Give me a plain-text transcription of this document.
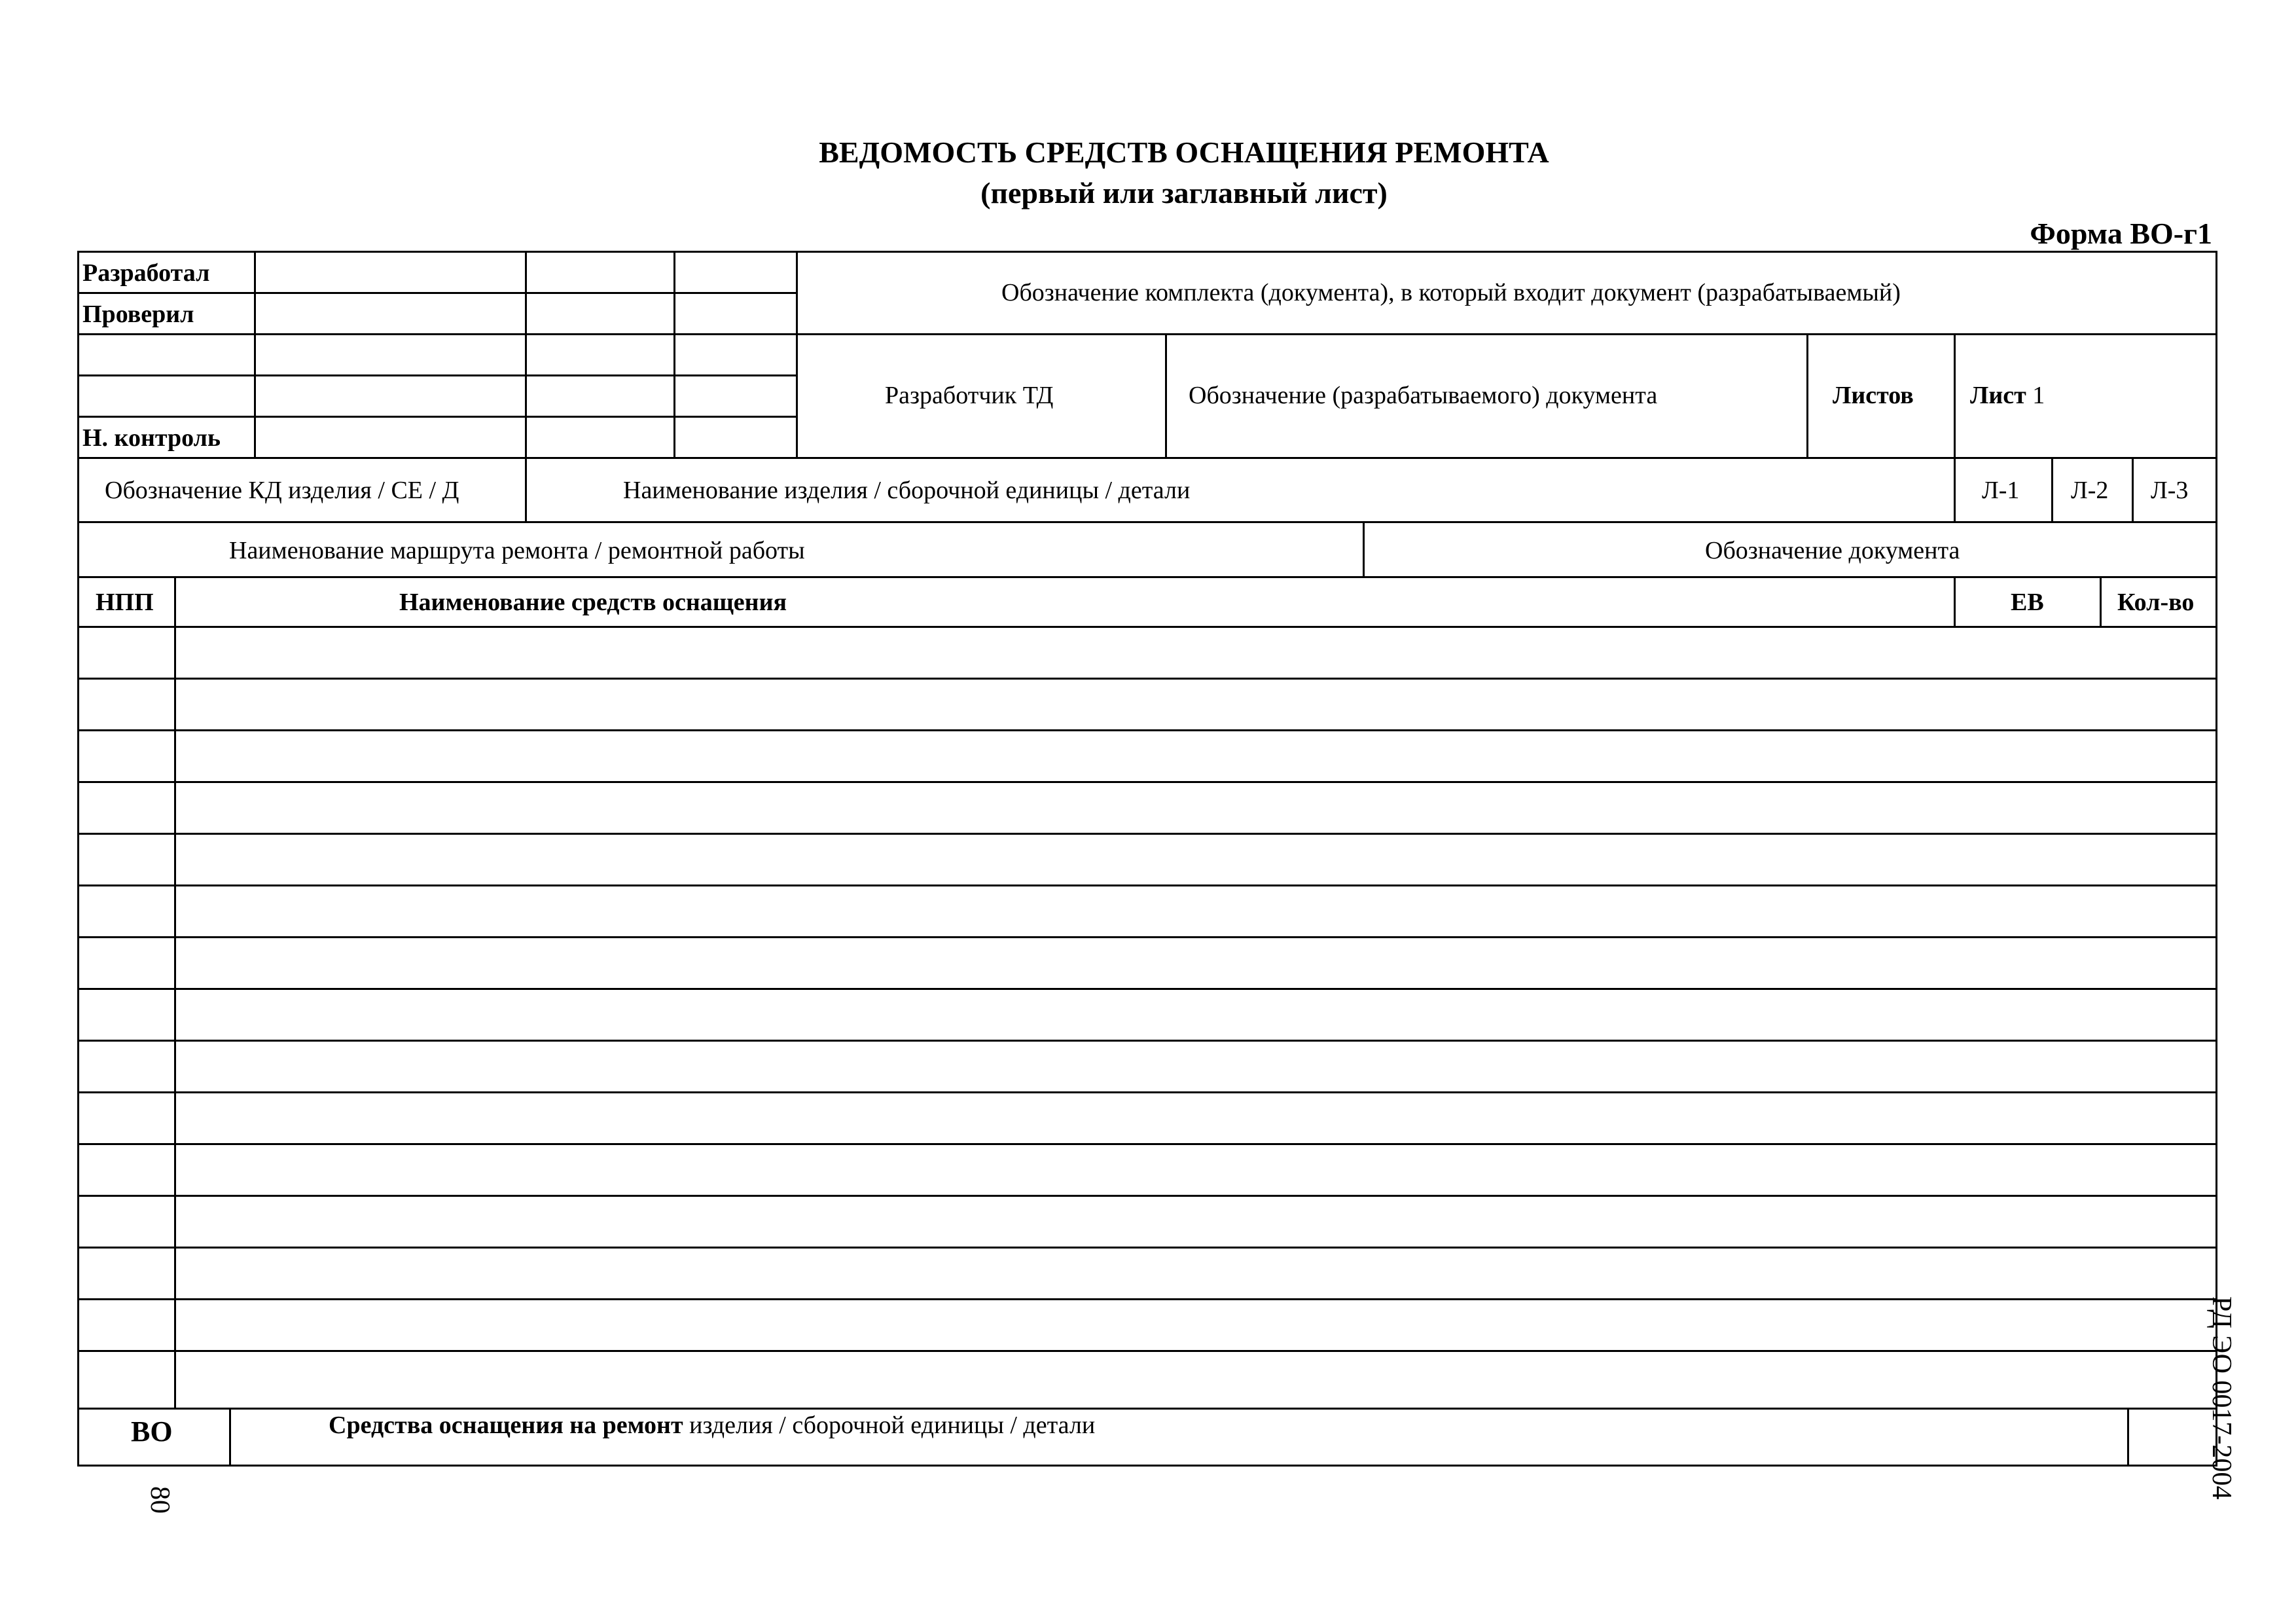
ВЕДОМОСТЬ СРЕДСТВ ОСНАЩЕНИЯ РЕМОНТА
(первый или заглавный лист)
Форма ВО-г1
Разработал
Проверил
Н. контроль
Обозначение комплекта (документа), в который входит документ (разрабатываемый)
Разработчик ТД	Обозначение (разрабатываемого) документа	Листов Лист 1
Обозначение КД изделия / СЕ / Д	Наименование изделия / сборочной единицы / детали	Л-1 Л-2 Л-3
Наименование маршрута ремонта / ремонтной работы	Обозначение документа
НПП	Наименование средств оснащения	ЕВ	Кол-во
ВО	Средства оснащения на ремонт изделия / сборочной единицы / детали	РД ЭО 0017-2004
80
